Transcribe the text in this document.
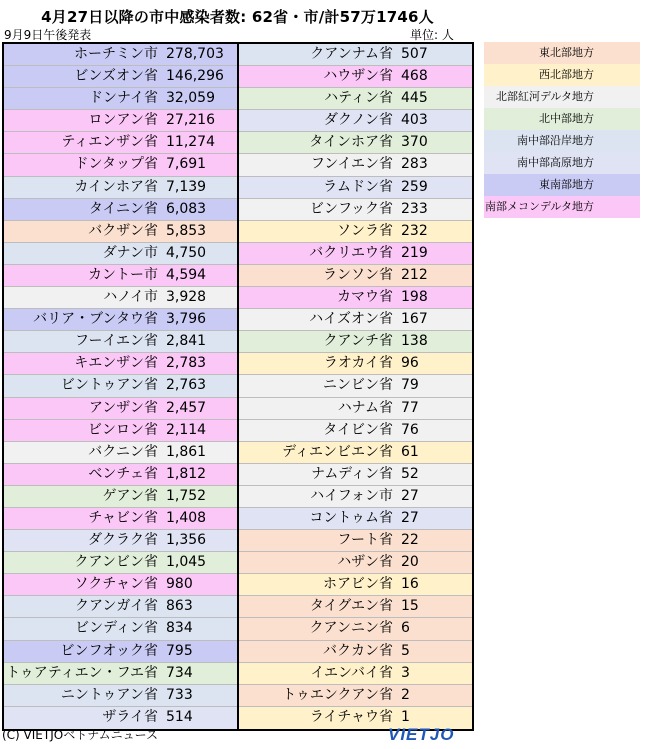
4月27日以降の市中感染者数: 62省・市/計57万1746人
9月9日午後発表	単位: 人
ホーチミン市 278,703
ビンズオン省 146,296
ドンナイ省 32,059
ロンアン省 27,216
ティエンザン省 11,274
ドンタップ省 7,691
カインホア省 7,139
タイニン省 6,083
バクザン省 5,853
ダナン市 4,750
カントー市 4,594
ハノイ市 3,928
バリア・ブンタウ省 3,796
フーイエン省 2,841
キエンザン省 2,783
ビントゥアン省 2,763
アンザン省 2,457
ビンロン省 2,114
バクニン省 1,861
ベンチェ省 1,812
ゲアン省 1,752
チャビン省 1,408
ダクラク省 1,356
クアンビン省 1,045
ソクチャン省 980
クアンガイ省 863
ビンディン省 834
ビンフオック省 795
トゥアティエン・フエ省 734
ニントゥアン省 733
ザライ省 514
クアンナム省 507
ハウザン省 468
ハティン省 445
ダクノン省 403
タインホア省 370
フンイエン省 283
ラムドン省 259
ビンフック省 233
ソンラ省 232
バクリエウ省 219
ランソン省 212
カマウ省 198
ハイズオン省 167
クアンチ省 138
ラオカイ省 96
ニンビン省 79
ハナム省 77
タイビン省 76
ディエンビエン省 61
ナムディン省 52
ハイフォン市 27
コントゥム省 27
フート省 22
ハザン省 20
ホアビン省 16
タイグエン省 15
クアンニン省 6
バクカン省 5
イエンバイ省 3
トゥエンクアン省 2
ライチャウ省 1
東北部地方
西北部地方
北部紅河デルタ地方
北中部地方
南中部沿岸地方
南中部高原地方
東南部地方
南部メコンデルタ地方
(C) VIETJOベトナムニュース	VIETJO
